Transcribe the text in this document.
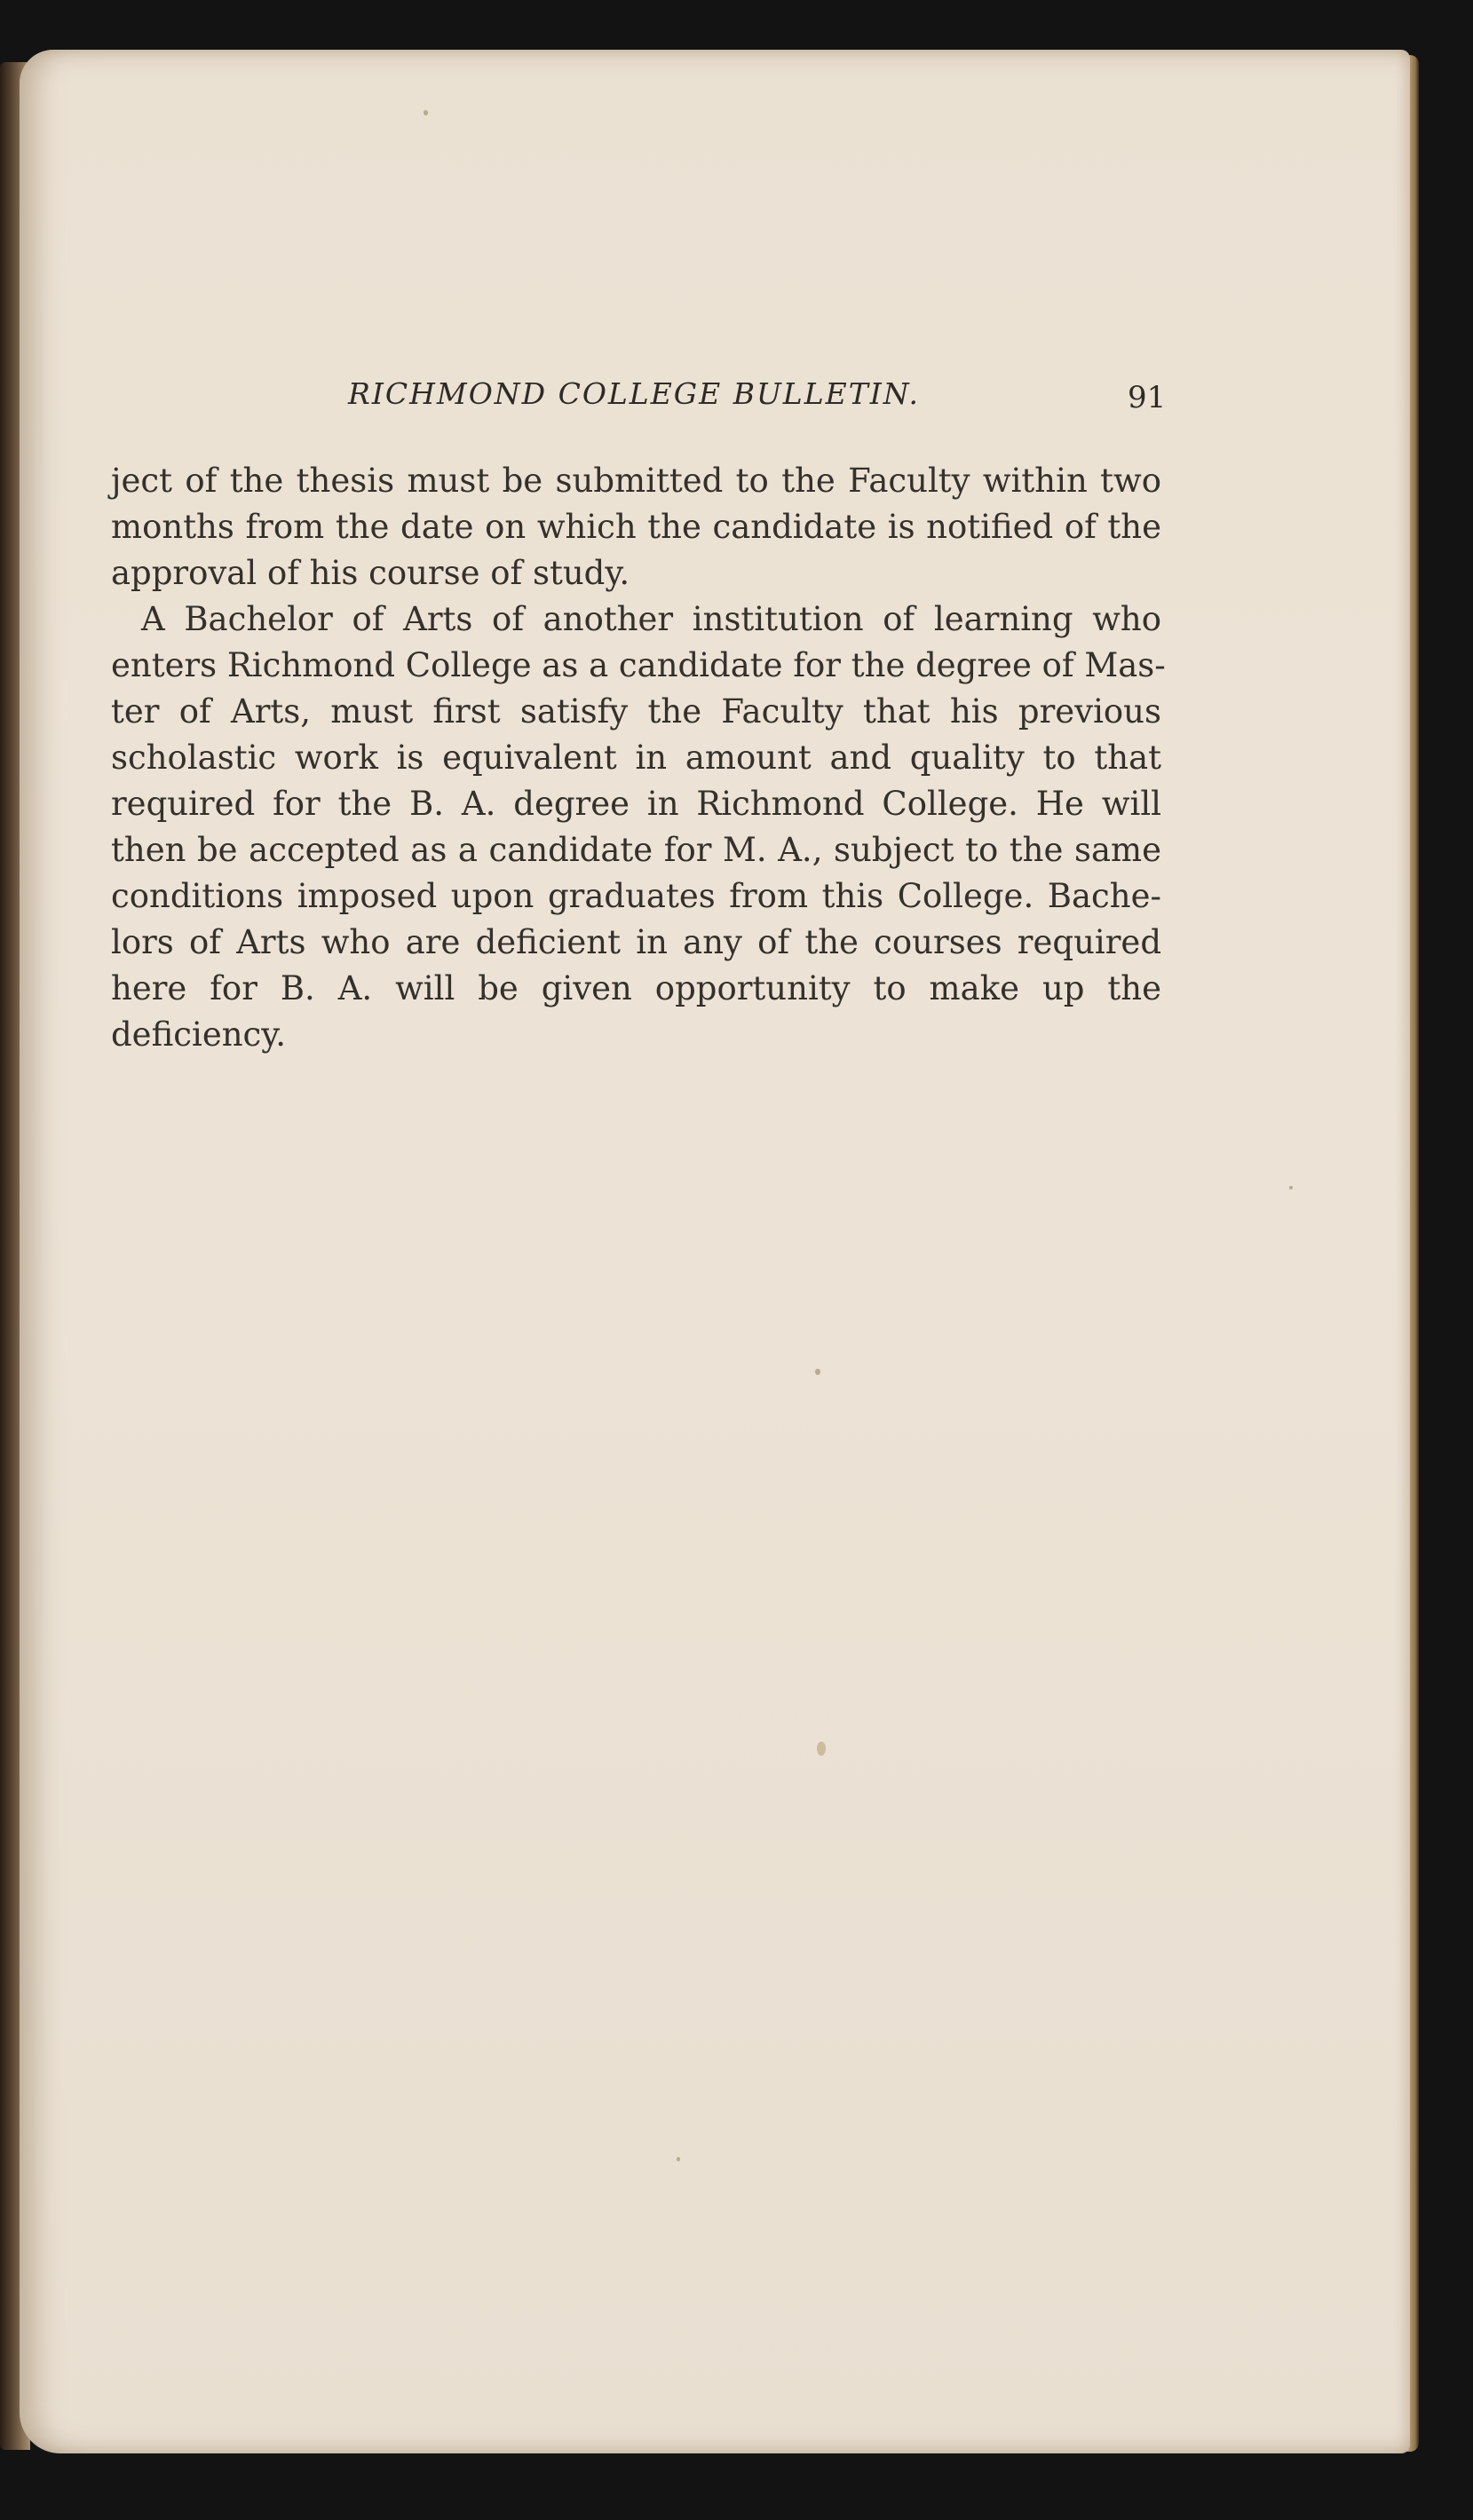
RICHMOND COLLEGE BULLETIN.	91
ject of the thesis must be submitted to the Faculty within two
months from the date on which the candidate is notified of the
approval of his course of study.
A Bachelor of Arts of another institution of learning who
enters Richmond College as a candidate for the degree of Mas-
ter of Arts, must first satisfy the Faculty that his previous
scholastic work is equivalent in amount and quality to that
required for the B. A. degree in Richmond College. He will
then be accepted as a candidate for M. A., subject to the same
conditions imposed upon graduates from this College. Bache-
lors of Arts who are deficient in any of the courses required
here for B. A. will be given opportunity to make up the
deficiency.
